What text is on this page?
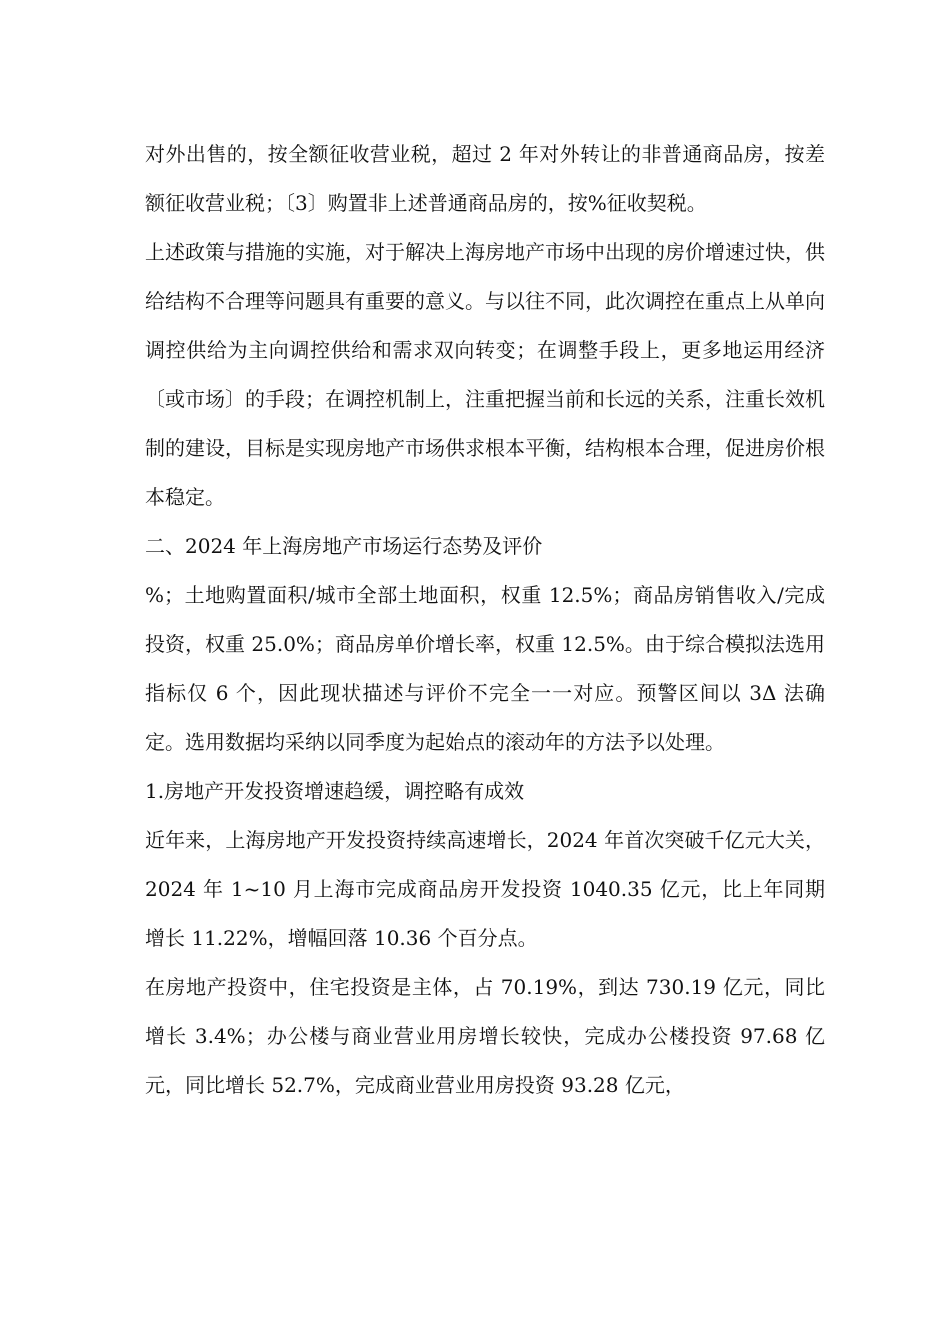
对外出售的，按全额征收营业税，超过 2 年对外转让的非普通商品房，按差额征收营业税；〔3〕购置非上述普通商品房的，按%征收契税。

上述政策与措施的实施，对于解决上海房地产市场中出现的房价增速过快，供给结构不合理等问题具有重要的意义。与以往不同，此次调控在重点上从单向调控供给为主向调控供给和需求双向转变；在调整手段上，更多地运用经济〔或市场〕的手段；在调控机制上，注重把握当前和长远的关系，注重长效机制的建设，目标是实现房地产市场供求根本平衡，结构根本合理，促进房价根本稳定。

二、2024 年上海房地产市场运行态势及评价

%；土地购置面积/城市全部土地面积，权重 12.5%；商品房销售收入/完成投资，权重 25.0%；商品房单价增长率，权重 12.5%。由于综合模拟法选用指标仅 6 个，因此现状描述与评价不完全一一对应。预警区间以 3Δ 法确定。选用数据均采纳以同季度为起始点的滚动年的方法予以处理。

1.房地产开发投资增速趋缓，调控略有成效

近年来，上海房地产开发投资持续高速增长，2024 年首次突破千亿元大关，2024 年 1~10 月上海市完成商品房开发投资 1040.35 亿元，比上年同期增长 11.22%，增幅回落 10.36 个百分点。

在房地产投资中，住宅投资是主体，占 70.19%，到达 730.19 亿元，同比增长 3.4%；办公楼与商业营业用房增长较快，完成办公楼投资 97.68 亿元，同比增长 52.7%，完成商业营业用房投资 93.28 亿元，
